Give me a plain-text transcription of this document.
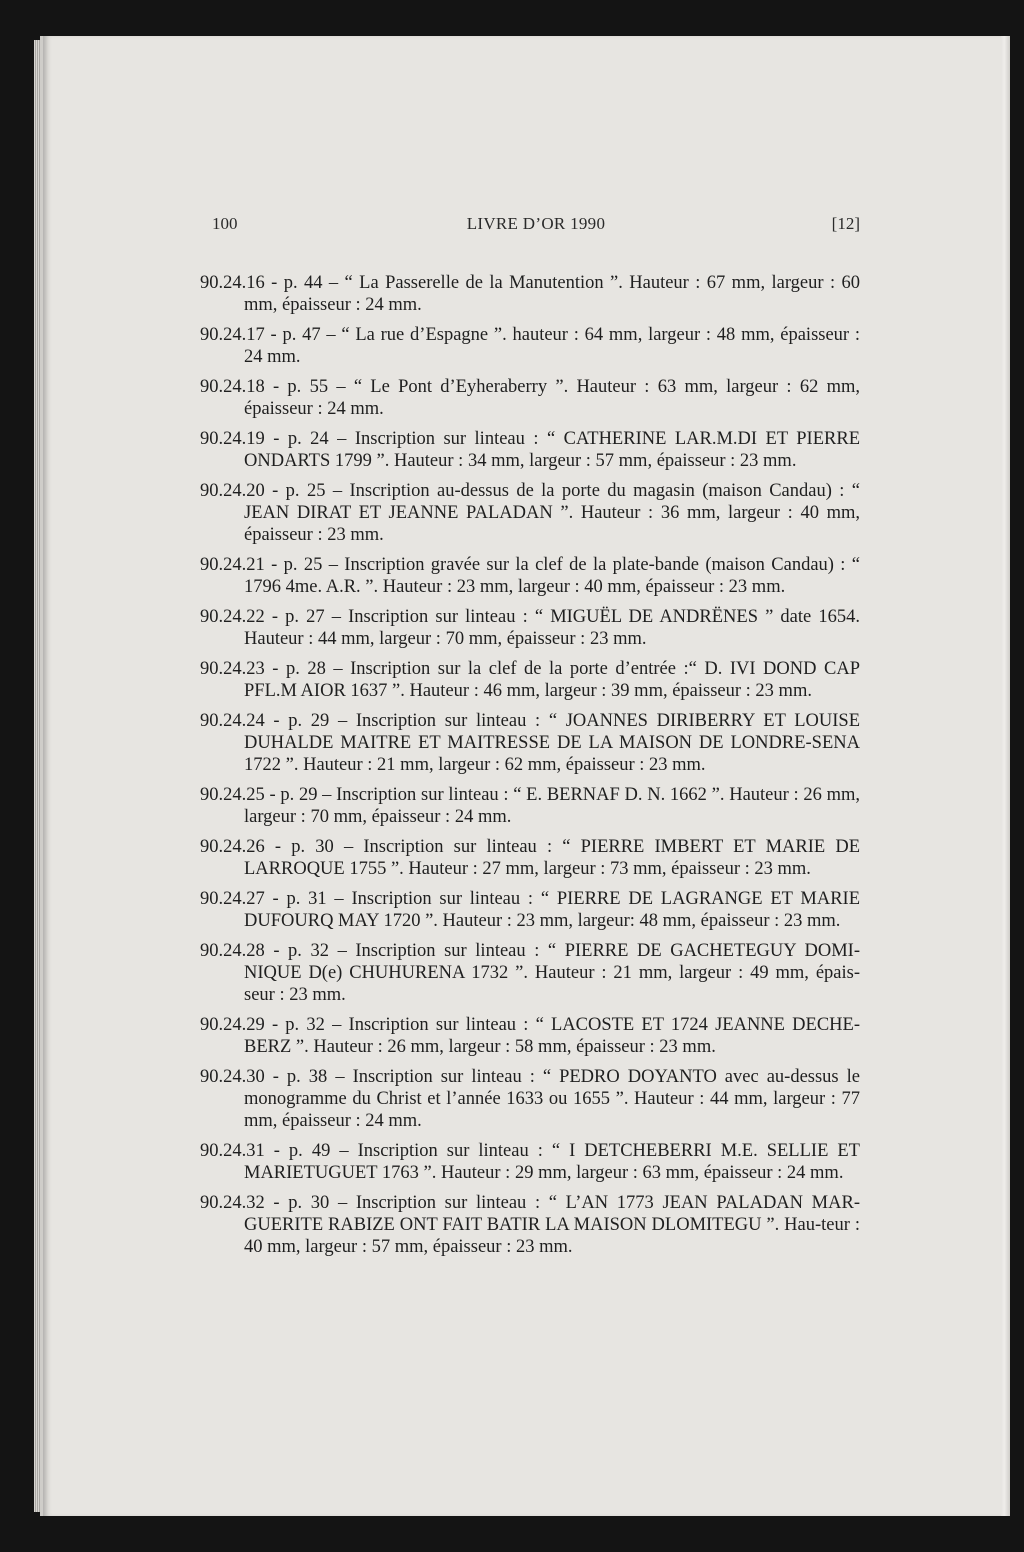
100	LIVRE D’OR 1990	[12]

90.24.16 - p. 44 – “ La Passerelle de la Manutention ”. Hauteur : 67 mm, largeur : 60 mm, épaisseur : 24 mm.

90.24.17 - p. 47 – “ La rue d’Espagne ”. hauteur : 64 mm, largeur : 48 mm, épaisseur : 24 mm.

90.24.18 - p. 55 – “ Le Pont d’Eyheraberry ”. Hauteur : 63 mm, largeur : 62 mm, épaisseur : 24 mm.

90.24.19 - p. 24 – Inscription sur linteau : “ CATHERINE LAR.M.DI ET PIERRE ONDARTS 1799 ”. Hauteur : 34 mm, largeur : 57 mm, épaisseur : 23 mm.

90.24.20 - p. 25 – Inscription au-dessus de la porte du magasin (maison Candau) : “ JEAN DIRAT ET JEANNE PALADAN ”. Hauteur : 36 mm, largeur : 40 mm, épaisseur : 23 mm.

90.24.21 - p. 25 – Inscription gravée sur la clef de la plate-bande (maison Candau) : “ 1796 4me. A.R. ”. Hauteur : 23 mm, largeur : 40 mm, épaisseur : 23 mm.

90.24.22 - p. 27 – Inscription sur linteau : “ MIGUËL DE ANDRËNES ” date 1654. Hauteur : 44 mm, largeur : 70 mm, épaisseur : 23 mm.

90.24.23 - p. 28 – Inscription sur la clef de la porte d’entrée :“ D. IVI DOND CAP PFL.M AIOR 1637 ”. Hauteur : 46 mm, largeur : 39 mm, épaisseur : 23 mm.

90.24.24 - p. 29 – Inscription sur linteau : “ JOANNES DIRIBERRY ET LOUISE DUHALDE MAITRE ET MAITRESSE DE LA MAISON DE LONDRE-SENA 1722 ”. Hauteur : 21 mm, largeur : 62 mm, épaisseur : 23 mm.

90.24.25 - p. 29 – Inscription sur linteau : “ E. BERNAF D. N. 1662 ”. Hauteur : 26 mm, largeur : 70 mm, épaisseur : 24 mm.

90.24.26 - p. 30 – Inscription sur linteau : “ PIERRE IMBERT ET MARIE DE LARROQUE 1755 ”. Hauteur : 27 mm, largeur : 73 mm, épaisseur : 23 mm.

90.24.27 - p. 31 – Inscription sur linteau : “ PIERRE DE LAGRANGE ET MARIE DUFOURQ MAY 1720 ”. Hauteur : 23 mm, largeur: 48 mm, épaisseur : 23 mm.

90.24.28 - p. 32 – Inscription sur linteau : “ PIERRE DE GACHETEGUY DOMI-NIQUE D(e) CHUHURENA 1732 ”. Hauteur : 21 mm, largeur : 49 mm, épais-seur : 23 mm.

90.24.29 - p. 32 – Inscription sur linteau : “ LACOSTE ET 1724 JEANNE DECHE-BERZ ”. Hauteur : 26 mm, largeur : 58 mm, épaisseur : 23 mm.

90.24.30 - p. 38 – Inscription sur linteau : “ PEDRO DOYANTO avec au-dessus le monogramme du Christ et l’année 1633 ou 1655 ”. Hauteur : 44 mm, largeur : 77 mm, épaisseur : 24 mm.

90.24.31 - p. 49 – Inscription sur linteau : “ I DETCHEBERRI M.E. SELLIE ET MARIETUGUET 1763 ”. Hauteur : 29 mm, largeur : 63 mm, épaisseur : 24 mm.

90.24.32 - p. 30 – Inscription sur linteau : “ L’AN 1773 JEAN PALADAN MAR-GUERITE RABIZE ONT FAIT BATIR LA MAISON DLOMITEGU ”. Hau-teur : 40 mm, largeur : 57 mm, épaisseur : 23 mm.
